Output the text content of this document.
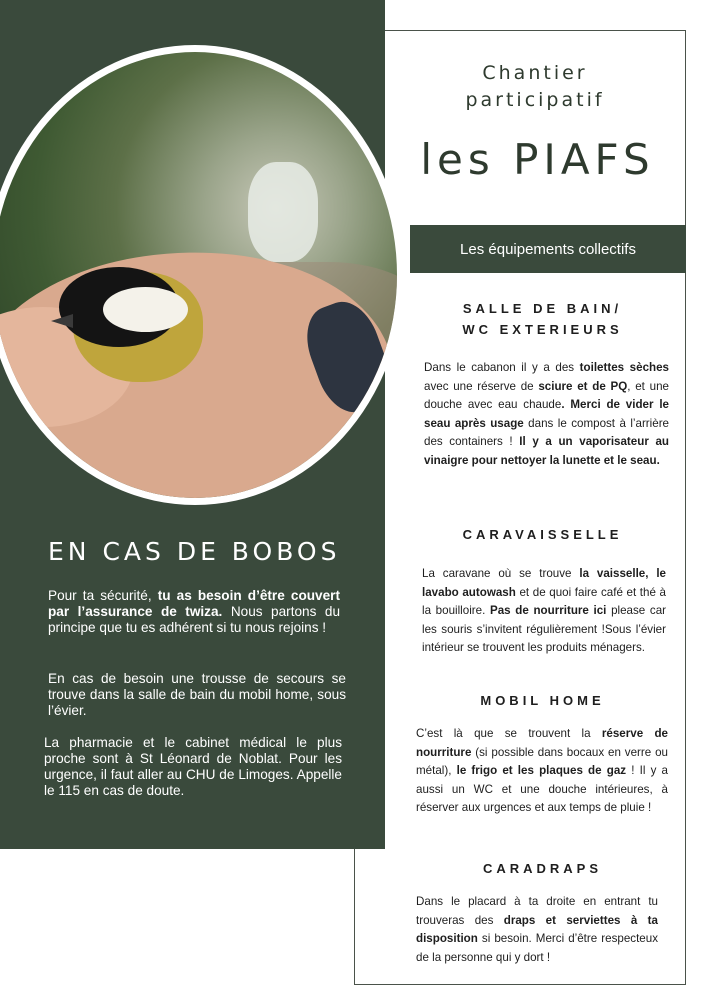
Chantier
participatif
les PIAFS
Les équipements collectifs
SALLE DE BAIN/
WC EXTERIEURS
Dans le cabanon il y a des toilettes sèches avec une réserve de sciure et de PQ, et une douche avec eau chaude. Merci de vider le seau après usage dans le compost à l’arrière des containers ! Il y a un vaporisateur au vinaigre pour nettoyer la lunette et le seau.
CARAVAISSELLE
La caravane où se trouve la vaisselle, le lavabo autowash et de quoi faire café et thé à la bouilloire. Pas de nourriture ici please car les souris s’invitent régulièrement !Sous l’évier intérieur se trouvent les produits ménagers.
MOBIL HOME
C’est là que se trouvent la réserve de nourriture (si possible dans bocaux en verre ou métal), le frigo et les plaques de gaz ! Il y a aussi un WC et une douche intérieures, à réserver aux urgences et aux temps de pluie !
CARADRAPS
Dans le placard à ta droite en entrant tu trouveras des draps et serviettes à ta disposition si besoin. Merci d’être respecteux de la personne qui y dort !
EN CAS DE BOBOS
Pour ta sécurité, tu as besoin d’être couvert par l’assurance de twiza. Nous partons du principe que tu es adhérent si tu nous rejoins !
En cas de besoin une trousse de secours se trouve dans la salle de bain du mobil home, sous l’évier.
La pharmacie et le cabinet médical le plus proche sont à St Léonard de Noblat. Pour les urgence, il faut aller au CHU de Limoges. Appelle le 115 en cas de doute.
